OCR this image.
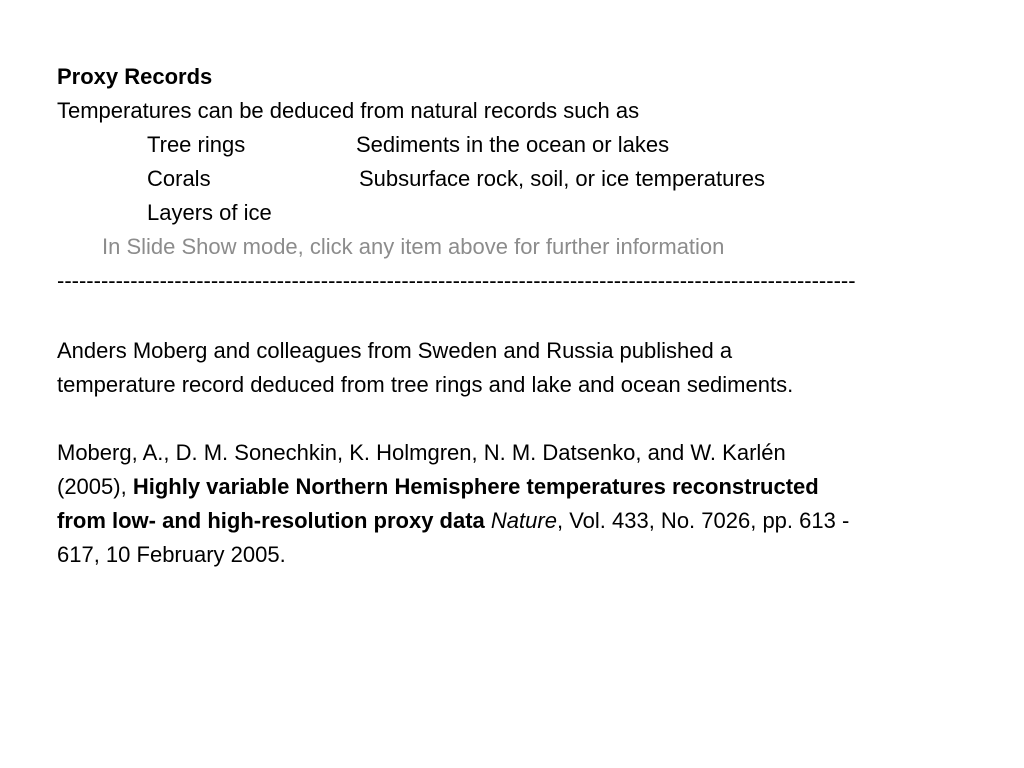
Proxy Records
Temperatures can be deduced from natural records such as
Tree rings	Sediments in the ocean or lakes
Corals	Subsurface rock, soil, or ice temperatures
Layers of ice
In Slide Show mode, click any item above for further information
-------------------------------------------------------------------------------------------------------------
Anders Moberg and colleagues from Sweden and Russia published a
temperature record deduced from tree rings and lake and ocean sediments.
Moberg, A., D. M. Sonechkin, K. Holmgren, N. M. Datsenko, and W. Karlén
(2005), Highly variable Northern Hemisphere temperatures reconstructed
from low- and high-resolution proxy data Nature, Vol. 433, No. 7026, pp. 613 -
617, 10 February 2005.
